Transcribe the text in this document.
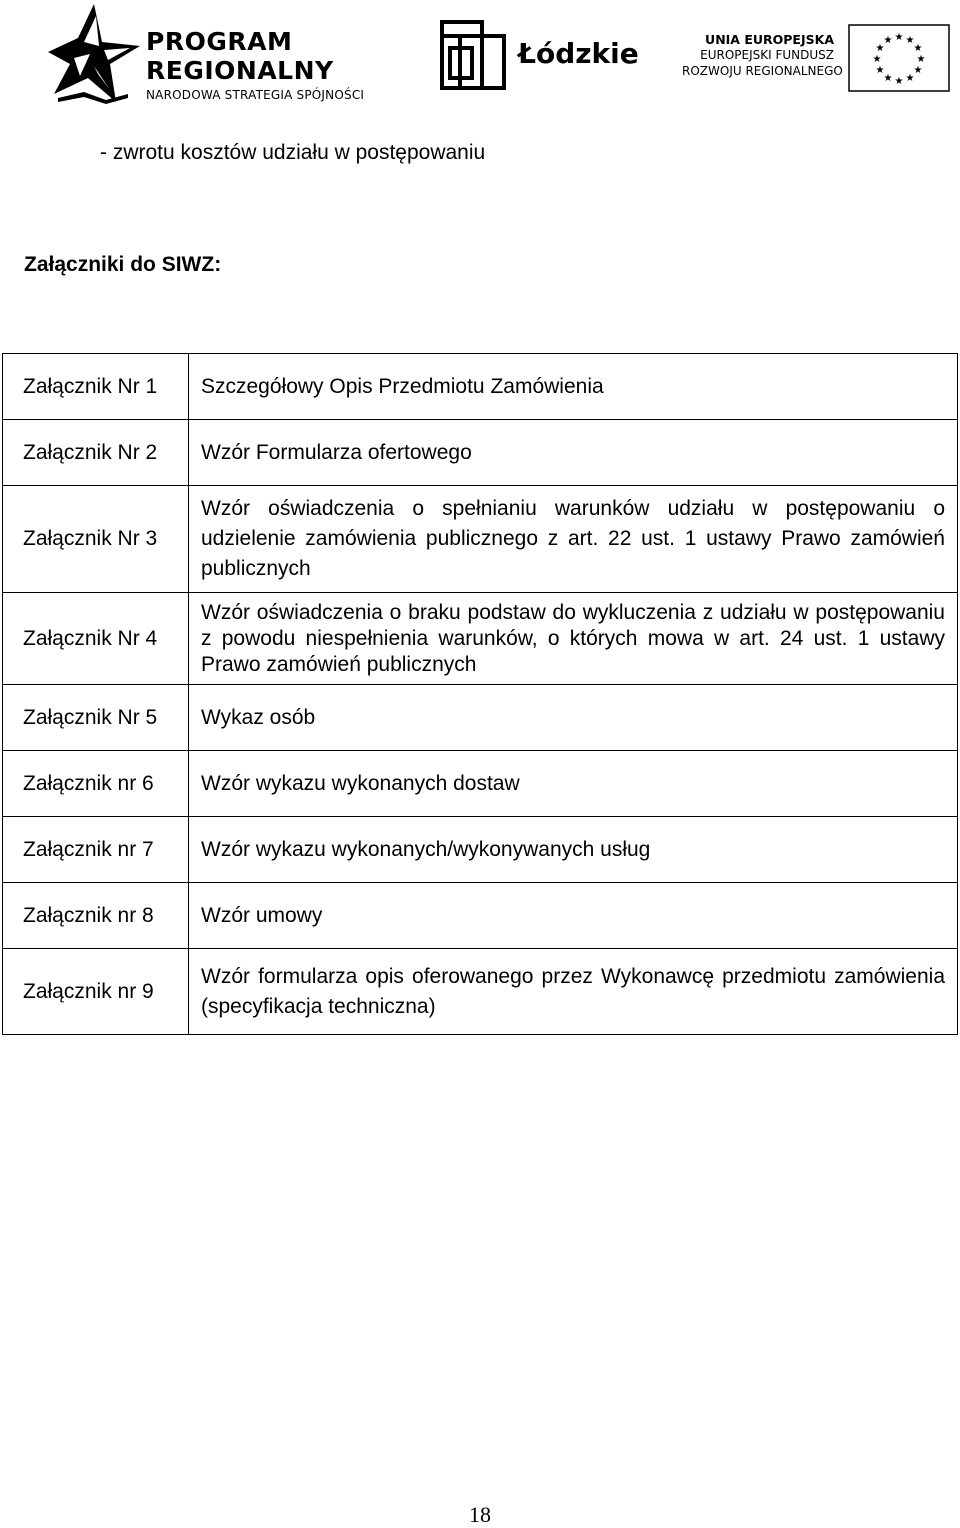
PROGRAM
REGIONALNY
NARODOWA STRATEGIA SPÓJNOŚCI
Łódzkie	UNIA EUROPEJSKA
EUROPEJSKI FUNDUSZ
ROZWOJU REGIONALNEGO
★ ★
★
★
★
★
★
★
★
★
★
★
- zwrotu kosztów udziału w postępowaniu
Załączniki do SIWZ:
Załącznik Nr 1	Szczegółowy Opis Przedmiotu Zamówienia
Załącznik Nr 2	Wzór Formularza ofertowego
Załącznik Nr 3	Wzór oświadczenia o spełnianiu warunków udziału w postępowaniu o udzielenie zamówienia publicznego z art. 22 ust. 1 ustawy Prawo zamówień publicznych
Załącznik Nr 4	Wzór oświadczenia o braku podstaw do wykluczenia z udziału w postępowaniu z powodu niespełnienia warunków, o których mowa w art. 24 ust. 1 ustawy Prawo zamówień publicznych
Załącznik Nr 5	Wykaz osób
Załącznik nr 6	Wzór wykazu wykonanych dostaw
Załącznik nr 7	Wzór wykazu wykonanych/wykonywanych usług
Załącznik nr 8	Wzór umowy
Załącznik nr 9	Wzór formularza opis oferowanego przez Wykonawcę przedmiotu zamówienia (specyfikacja techniczna)
18
